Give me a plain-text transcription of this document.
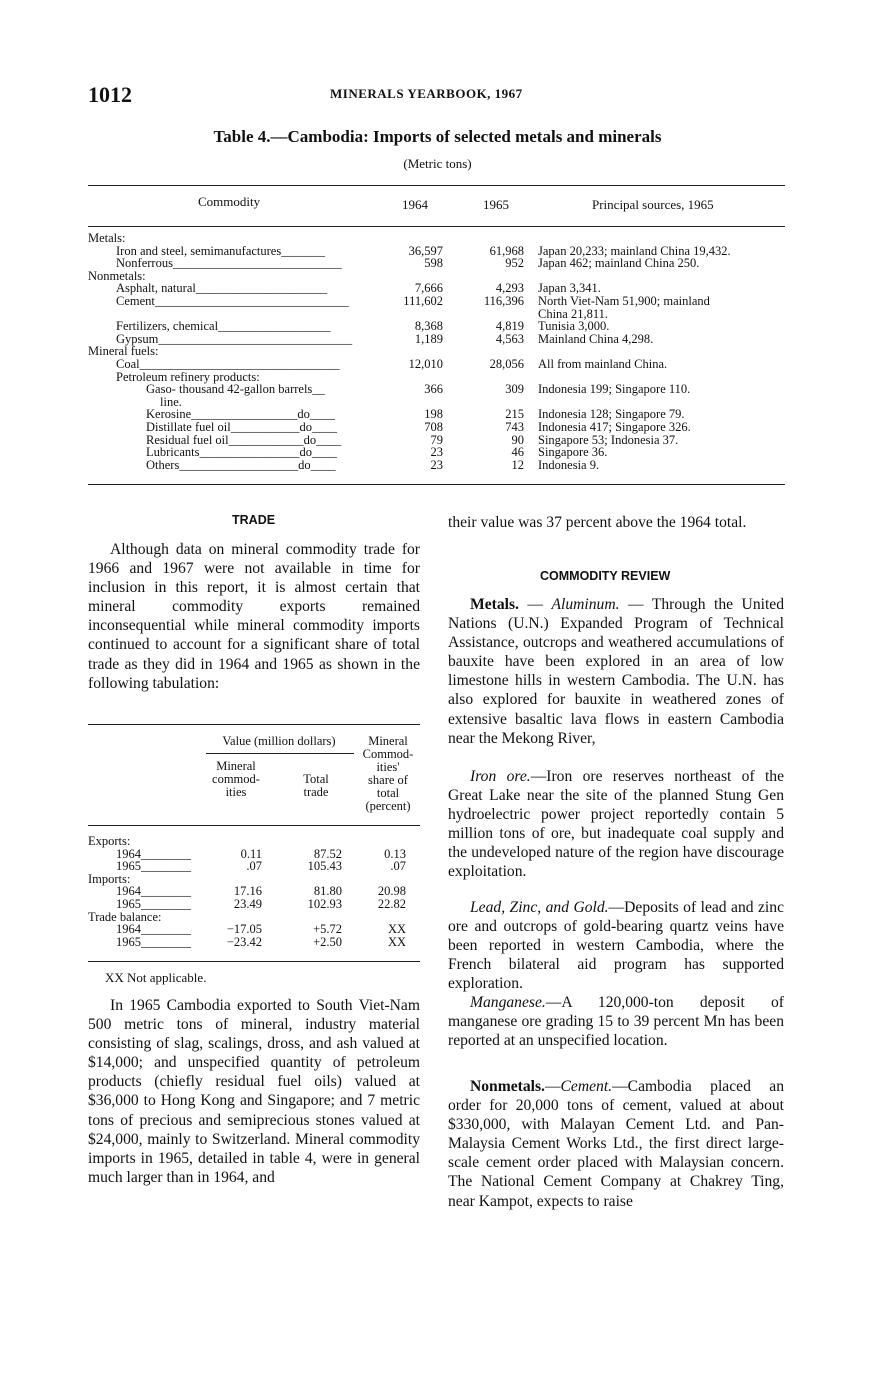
1012	MINERALS YEARBOOK, 1967
Table 4.—Cambodia: Imports of selected metals and minerals
(Metric tons)
Commodity	1964	1965	Principal sources, 1965
Metals:
Iron and steel, semimanufactures_______	36,597	61,968 Japan 20,233; mainland China 19,432.
Nonferrous___________________________	598	952 Japan 462; mainland China 250.
Nonmetals:
Asphalt, natural_____________________	7,666	4,293 Japan 3,341.
Cement_______________________________	111,602	116,396 North Viet-Nam 51,900; mainland
China 21,811.
Fertilizers, chemical__________________	8,368	4,819 Tunisia 3,000.
Gypsum_______________________________	1,189	4,563 Mainland China 4,298.
Mineral fuels:
Coal________________________________	12,010	28,056 All from mainland China.
Petroleum refinery products:
Gaso- thousand 42-gallon barrels__	366	309 Indonesia 199; Singapore 110.
line.
Kerosine_________________do____	198	215 Indonesia 128; Singapore 79.
Distillate fuel oil___________do____	708	743 Indonesia 417; Singapore 326.
Residual fuel oil____________do____	79	90 Singapore 53; Indonesia 37.
Lubricants________________do____	23	46 Singapore 36.
Others___________________do____	23	12 Indonesia 9.
TRADE

Although data on mineral commodity trade for 1966 and 1967 were not available in time for inclusion in this report, it is almost certain that mineral commodity exports remained inconsequential while mineral commodity imports continued to account for a significant share of total trade as they did in 1964 and 1965 as shown in the following tabulation:

Value (million dollars)
Mineral
commod-
ities
Total
trade
Mineral
Commod-
ities'
share of
total
(percent)
Exports:
1964________	0.11	87.52	0.13
1965________	.07	105.43	.07
Imports:
1964________	17.16	81.80	20.98
1965________	23.49	102.93	22.82
Trade balance:
1964________	−17.05	+5.72	XX
1965________	−23.42	+2.50	XX
XX Not applicable.

In 1965 Cambodia exported to South Viet-Nam 500 metric tons of mineral, industry material consisting of slag, scalings, dross, and ash valued at $14,000; and unspecified quantity of petroleum products (chiefly residual fuel oils) valued at $36,000 to Hong Kong and Singapore; and 7 metric tons of precious and semiprecious stones valued at $24,000, mainly to Switzerland. Mineral commodity imports in 1965, detailed in table 4, were in general much larger than in 1964, and

their value was 37 percent above the 1964 total.

COMMODITY REVIEW

Metals. — Aluminum. — Through the United Nations (U.N.) Expanded Program of Technical Assistance, outcrops and weathered accumulations of bauxite have been explored in an area of low limestone hills in western Cambodia. The U.N. has also explored for bauxite in weathered zones of extensive basaltic lava flows in eastern Cambodia near the Mekong River,

Iron ore.—Iron ore reserves northeast of the Great Lake near the site of the planned Stung Gen hydroelectric power project reportedly contain 5 million tons of ore, but inadequate coal supply and the undeveloped nature of the region have discourage exploitation.

Lead, Zinc, and Gold.—Deposits of lead and zinc ore and outcrops of gold-bearing quartz veins have been reported in western Cambodia, where the French bilateral aid program has supported exploration.

Manganese.—A 120,000-ton deposit of manganese ore grading 15 to 39 percent Mn has been reported at an unspecified location.

Nonmetals.—Cement.—Cambodia placed an order for 20,000 tons of cement, valued at about $330,000, with Malayan Cement Ltd. and Pan-Malaysia Cement Works Ltd., the first direct large-scale cement order placed with Malaysian concern. The National Cement Company at Chakrey Ting, near Kampot, expects to raise
